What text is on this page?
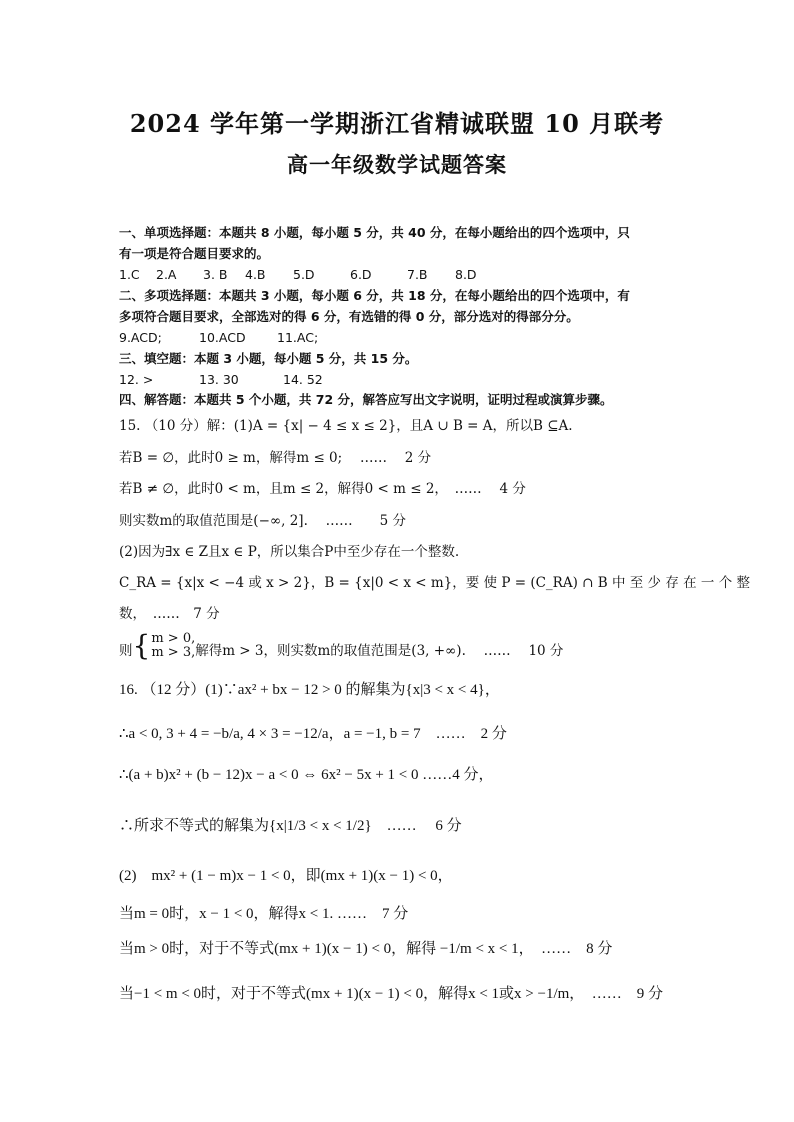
2024 学年第一学期浙江省精诚联盟 10 月联考
高一年级数学试题答案
一、单项选择题：本题共 8 小题，每小题 5 分，共 40 分，在每小题给出的四个选项中，只
有一项是符合题目要求的。
1.C 2.A 3. B 4.B 5.D	6.D	7.B 8.D
二、多项选择题：本题共 3 小题，每小题 6 分，共 18 分，在每小题给出的四个选项中，有
多项符合题目要求，全部选对的得 6 分，有选错的得 0 分，部分选对的得部分分。
9.ACD;	10.ACD	11.AC;
三、填空题：本题 3 小题，每小题 5 分，共 15 分。
12. >	13. 30	14. 52
四、解答题：本题共 5 个小题，共 72 分，解答应写出文字说明，证明过程或演算步骤。
15. （10 分）解：(1)A = {x| − 4 ≤ x ≤ 2}，且A ∪ B = A，所以B ⊆A.
若B = ∅，此时0 ≥ m，解得m ≤ 0;　 ……　 2 分
若B ≠ ∅，此时0 < m，且m ≤ 2，解得0 < m ≤ 2，　……　 4 分
则实数m的取值范围是(−∞, 2].　 ……　　5 分
(2)因为∃x ∈ Z且x ∈ P，所以集合P中至少存在一个整数.
C_RA = {x|x < −4 或 x > 2}，B = {x|0 < x < m}，要 使 P = (C_RA) ∩ B 中 至 少 存 在 一 个 整
数，　……　7 分
则 { m > 0,
m > 3, 解得m > 3，则实数m的取值范围是(3, +∞).　 ……　 10 分
16. （12 分）(1)∵ax² + bx − 12 > 0 的解集为{x|3 < x < 4}，
∴a < 0, 3 + 4 = −b/a, 4 × 3 = −12/a，a = −1, b = 7　……　2 分
∴(a + b)x² + (b − 12)x − a < 0 ⇔ 6x² − 5x + 1 < 0 ……4 分，
∴所求不等式的解集为{x|1/3 < x < 1/2}　……　 6 分
(2)　mx² + (1 − m)x − 1 < 0，即(mx + 1)(x − 1) < 0，
当m = 0时，x − 1 < 0，解得x < 1. ……　7 分
当m > 0时，对于不等式(mx + 1)(x − 1) < 0，解得 −1/m < x < 1，　……　8 分
当−1 < m < 0时，对于不等式(mx + 1)(x − 1) < 0，解得x < 1或x > −1/m，　……　9 分
